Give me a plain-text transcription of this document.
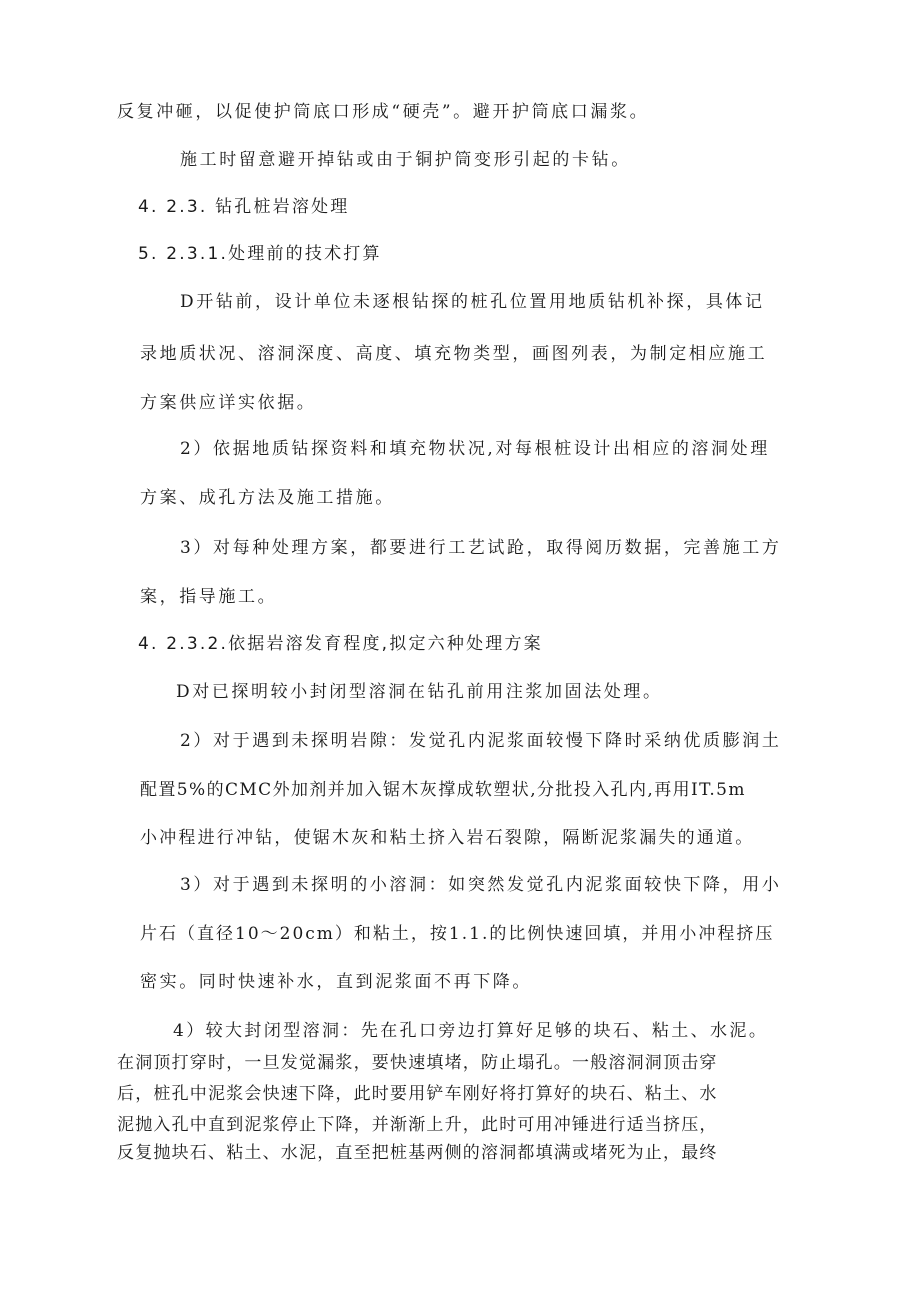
反复冲砸，以促使护筒底口形成“硬壳”。避开护筒底口漏浆。
施工时留意避开掉钻或由于铜护筒变形引起的卡钻。
4. 2.3. 钻孔桩岩溶处理
5. 2.3.1.处理前的技术打算
D开钻前，设计单位未逐根钻探的桩孔位置用地质钻机补探，具体记
录地质状况、溶洞深度、高度、填充物类型，画图列表，为制定相应施工
方案供应详实依据。
2）依据地质钻探资料和填充物状况,对每根桩设计出相应的溶洞处理
方案、成孔方法及施工措施。
3）对每种处理方案，都要进行工艺试跄，取得阅历数据，完善施工方
案，指导施工。
4. 2.3.2.依据岩溶发育程度,拟定六种处理方案
D对已探明较小封闭型溶洞在钻孔前用注浆加固法处理。
2）对于遇到未探明岩隙：发觉孔内泥浆面较慢下降时采纳优质膨润土
配置5%的CMC外加剂并加入锯木灰撑成软塑状,分批投入孔内,再用IT.5m
小冲程进行冲钻，使锯木灰和粘土挤入岩石裂隙，隔断泥浆漏失的通道。
3）对于遇到未探明的小溶洞：如突然发觉孔内泥浆面较快下降，用小
片石（直径10〜20cm）和粘土，按1.1.的比例快速回填，并用小冲程挤压
密实。同时快速补水，直到泥浆面不再下降。
4）较大封闭型溶洞：先在孔口旁边打算好足够的块石、粘土、水泥。
在洞顶打穿时，一旦发觉漏浆，要快速填堵，防止塌孔。一般溶洞洞顶击穿
后，桩孔中泥浆会快速下降，此时要用铲车刚好将打算好的块石、粘土、水
泥抛入孔中直到泥浆停止下降，并渐渐上升，此时可用冲锤进行适当挤压，
反复抛块石、粘土、水泥，直至把桩基两侧的溶洞都填满或堵死为止，最终
